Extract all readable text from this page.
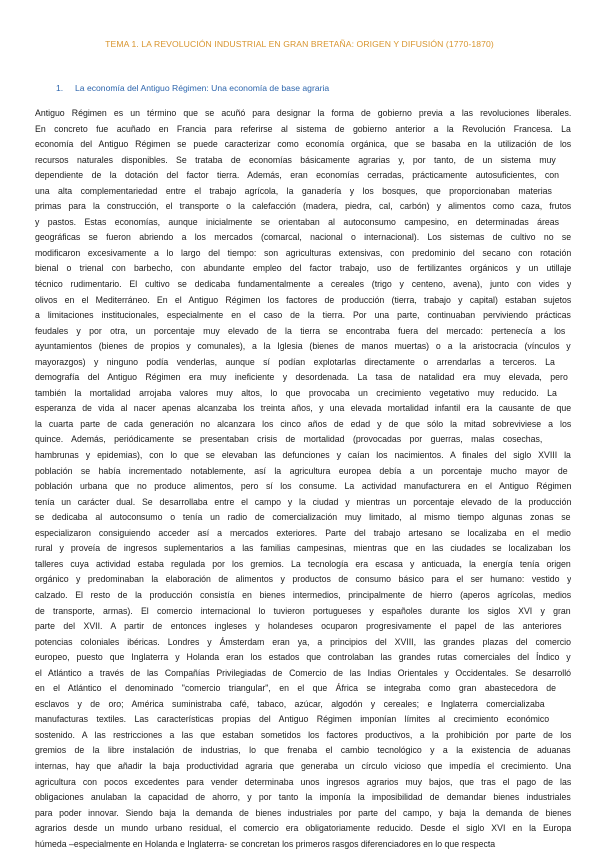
TEMA 1. LA REVOLUCIÓN INDUSTRIAL EN GRAN BRETAÑA: ORIGEN Y DIFUSIÓN (1770-1870)
1. La economía del Antiguo Régimen: Una economía de base agraria
Antiguo Régimen es un término que se acuñó para designar la forma de gobierno previa a las revoluciones liberales.
En concreto fue acuñado en Francia para referirse al sistema de gobierno anterior a la Revolución Francesa. La
economía del Antiguo Régimen se puede caracterizar como economía orgánica, que se basaba en la utilización de los
recursos naturales disponibles. Se trataba de economías básicamente agrarias y, por tanto, de un sistema muy
dependiente de la dotación del factor tierra. Además, eran economías cerradas, prácticamente autosuficientes, con
una alta complementariedad entre el trabajo agrícola, la ganadería y los bosques, que proporcionaban materias
primas para la construcción, el transporte o la calefacción (madera, piedra, cal, carbón) y alimentos como caza, frutos
y pastos. Estas economías, aunque inicialmente se orientaban al autoconsumo campesino, en determinadas áreas
geográficas se fueron abriendo a los mercados (comarcal, nacional o internacional). Los sistemas de cultivo no se
modificaron excesivamente a lo largo del tiempo: son agriculturas extensivas, con predominio del secano con rotación
bienal o trienal con barbecho, con abundante empleo del factor trabajo, uso de fertilizantes orgánicos y un utillaje
técnico rudimentario. El cultivo se dedicaba fundamentalmente a cereales (trigo y centeno, avena), junto con vides y
olivos en el Mediterráneo. En el Antiguo Régimen los factores de producción (tierra, trabajo y capital) estaban sujetos
a limitaciones institucionales, especialmente en el caso de la tierra. Por una parte, continuaban perviviendo prácticas
feudales y por otra, un porcentaje muy elevado de la tierra se encontraba fuera del mercado: pertenecía a los
ayuntamientos (bienes de propios y comunales), a la Iglesia (bienes de manos muertas) o a la aristocracia (vínculos y
mayorazgos) y ninguno podía venderlas, aunque sí podían explotarlas directamente o arrendarlas a terceros. La
demografía del Antiguo Régimen era muy ineficiente y desordenada. La tasa de natalidad era muy elevada, pero
también la mortalidad arrojaba valores muy altos, lo que provocaba un crecimiento vegetativo muy reducido. La
esperanza de vida al nacer apenas alcanzaba los treinta años, y una elevada mortalidad infantil era la causante de que
la cuarta parte de cada generación no alcanzara los cinco años de edad y de que sólo la mitad sobreviviese a los
quince. Además, periódicamente se presentaban crisis de mortalidad (provocadas por guerras, malas cosechas,
hambrunas y epidemias), con lo que se elevaban las defunciones y caían los nacimientos. A finales del siglo XVIII la
población se había incrementado notablemente, así la agricultura europea debía a un porcentaje mucho mayor de
población urbana que no produce alimentos, pero sí los consume. La actividad manufacturera en el Antiguo Régimen
tenía un carácter dual. Se desarrollaba entre el campo y la ciudad y mientras un porcentaje elevado de la producción
se dedicaba al autoconsumo o tenía un radio de comercialización muy limitado, al mismo tiempo algunas zonas se
especializaron consiguiendo acceder así a mercados exteriores. Parte del trabajo artesano se localizaba en el medio
rural y proveía de ingresos suplementarios a las familias campesinas, mientras que en las ciudades se localizaban los
talleres cuya actividad estaba regulada por los gremios. La tecnología era escasa y anticuada, la energía tenía origen
orgánico y predominaban la elaboración de alimentos y productos de consumo básico para el ser humano: vestido y
calzado. El resto de la producción consistía en bienes intermedios, principalmente de hierro (aperos agrícolas, medios
de transporte, armas). El comercio internacional lo tuvieron portugueses y españoles durante los siglos XVI y gran
parte del XVII. A partir de entonces ingleses y holandeses ocuparon progresivamente el papel de las anteriores
potencias coloniales ibéricas. Londres y Ámsterdam eran ya, a principios del XVIII, las grandes plazas del comercio
europeo, puesto que Inglaterra y Holanda eran los estados que controlaban las grandes rutas comerciales del Índico y
el Atlántico a través de las Compañías Privilegiadas de Comercio de las Indias Orientales y Occidentales. Se desarrolló
en el Atlántico el denominado "comercio triangular", en el que África se integraba como gran abastecedora de
esclavos y de oro; América suministraba café, tabaco, azúcar, algodón y cereales; e Inglaterra comercializaba
manufacturas textiles. Las características propias del Antiguo Régimen imponían límites al crecimiento económico
sostenido. A las restricciones a las que estaban sometidos los factores productivos, a la prohibición por parte de los
gremios de la libre instalación de industrias, lo que frenaba el cambio tecnológico y a la existencia de aduanas
internas, hay que añadir la baja productividad agraria que generaba un círculo vicioso que impedía el crecimiento. Una
agricultura con pocos excedentes para vender determinaba unos ingresos agrarios muy bajos, que tras el pago de las
obligaciones anulaban la capacidad de ahorro, y por tanto la imponía la imposibilidad de demandar bienes industriales
para poder innovar. Siendo baja la demanda de bienes industriales por parte del campo, y baja la demanda de bienes
agrarios desde un mundo urbano residual, el comercio era obligatoriamente reducido. Desde el siglo XVI en la Europa
húmeda –especialmente en Holanda e Inglaterra- se concretan los primeros rasgos diferenciadores en lo que respecta
